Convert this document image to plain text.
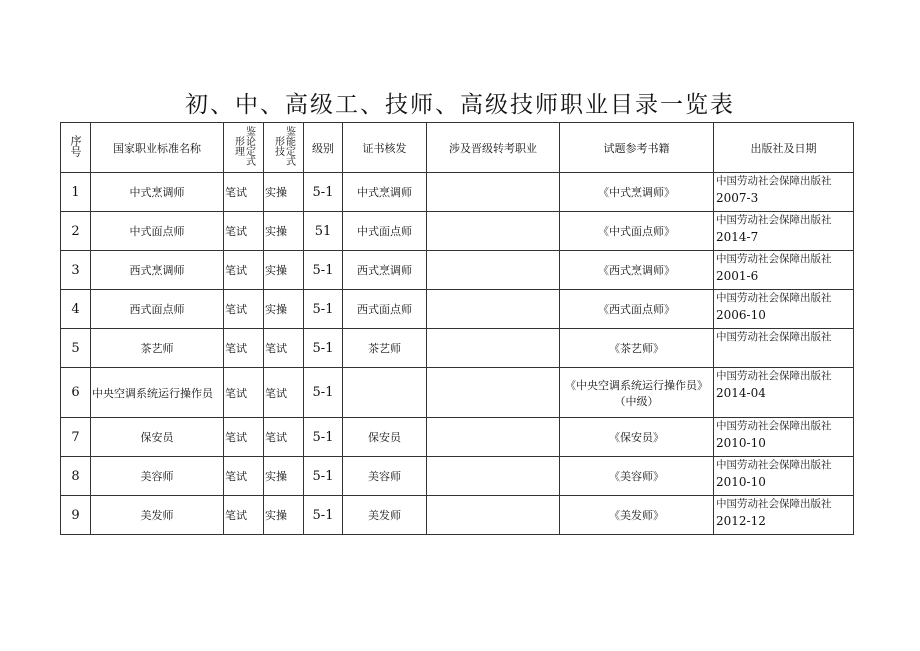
初、中、高级工、技师、高级技师职业目录一览表
序号	国家职业标准名称	鉴论定式形理	鉴能定式形技	级别	证书核发	涉及晋级转考职业	试题参考书籍	出版社及日期
1	中式烹调师	笔试	实操	5-1	中式烹调师		《中式烹调师》	中国劳动社会保障出版社
2007-3

2	中式面点师	笔试	实操	51	中式面点师		《中式面点师》	中国劳动社会保障出版社
2014-7

3	西式烹调师	笔试	实操	5-1	西式烹调师		《西式烹调师》	中国劳动社会保障出版社
2001-6

4	西式面点师	笔试	实操	5-1	西式面点师		《西式面点师》	中国劳动社会保障出版社
2006-10

5	茶艺师	笔试	笔试	5-1	茶艺师		《茶艺师》	中国劳动社会保障出版社

6	中央空调系统运行操作员	笔试	笔试	5-1			《中央空调系统运行操作员》（中级）	中国劳动社会保障出版社
2014-04

7	保安员	笔试	笔试	5-1	保安员		《保安员》	中国劳动社会保障出版社
2010-10

8	美容师	笔试	实操	5-1	美容师		《美容师》	中国劳动社会保障出版社
2010-10

9	美发师	笔试	实操	5-1	美发师		《美发师》	中国劳动社会保障出版社
2012-12
